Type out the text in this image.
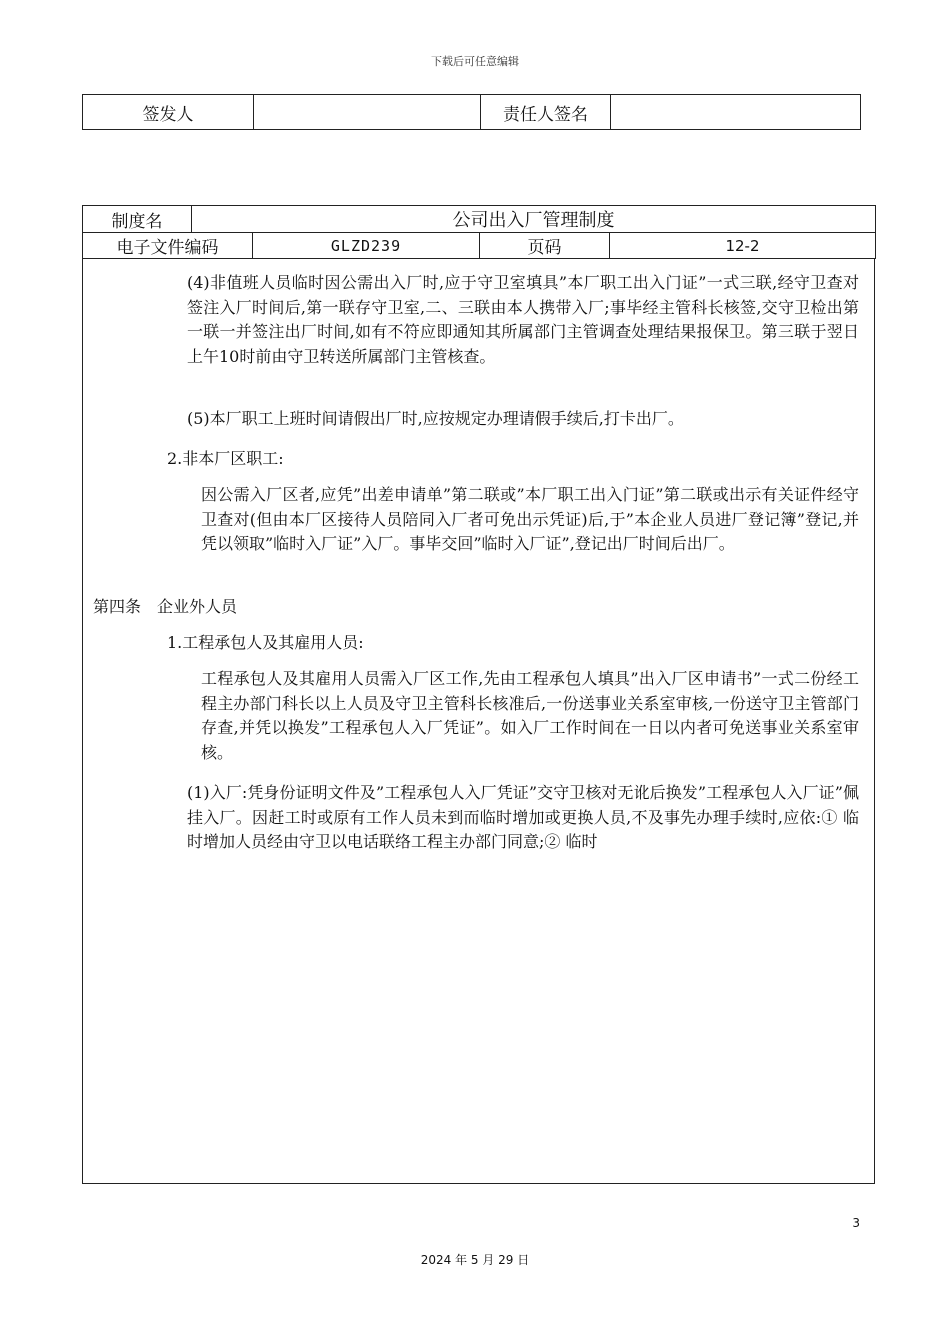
下载后可任意编辑
签发人		责任人签名	
制度名	公司出入厂管理制度			
电子文件编码		GLZD239	页码	12-2

(4)非值班人员临时因公需出入厂时,应于守卫室填具”本厂职工出入门证”一式三联,经守卫查对签注入厂时间后,第一联存守卫室,二、三联由本人携带入厂;事毕经主管科长核签,交守卫检出第一联一并签注出厂时间,如有不符应即通知其所属部门主管调查处理结果报保卫。第三联于翌日上午10时前由守卫转送所属部门主管核查。

(5)本厂职工上班时间请假出厂时,应按规定办理请假手续后,打卡出厂。

2.非本厂区职工:

因公需入厂区者,应凭”出差申请单”第二联或”本厂职工出入门证”第二联或出示有关证件经守卫查对(但由本厂区接待人员陪同入厂者可免出示凭证)后,于”本企业人员进厂登记簿”登记,并凭以领取”临时入厂证”入厂。事毕交回”临时入厂证”,登记出厂时间后出厂。

第四条　企业外人员

1.工程承包人及其雇用人员:

工程承包人及其雇用人员需入厂区工作,先由工程承包人填具”出入厂区申请书”一式二份经工程主办部门科长以上人员及守卫主管科长核准后,一份送事业关系室审核,一份送守卫主管部门存查,并凭以换发”工程承包人入厂凭证”。如入厂工作时间在一日以内者可免送事业关系室审核。

(1)入厂:凭身份证明文件及”工程承包人入厂凭证”交守卫核对无讹后换发”工程承包人入厂证”佩挂入厂。因赶工时或原有工作人员未到而临时增加或更换人员,不及事先办理手续时,应依:① 临时增加人员经由守卫以电话联络工程主办部门同意;② 临时

3
2024 年 5 月 29 日
